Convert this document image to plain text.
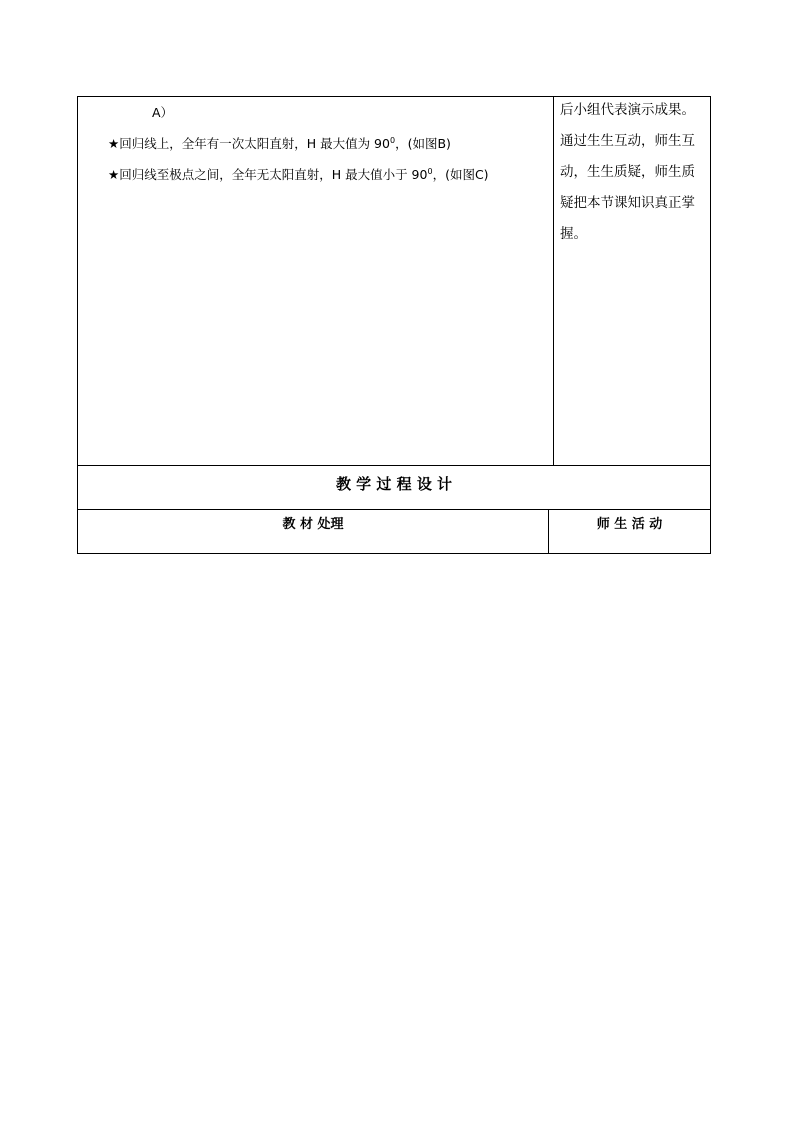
A）
★回归线上，全年有一次太阳直射，H 最大值为 $90^0$，(如图B)
★回归线至极点之间，全年无太阳直射，H 最大值小于 $90^0$，(如图C)
后小组代表演示成果。
通过生生互动，师生互
动，生生质疑，师生质
疑把本节课知识真正掌
握。
教 学 过 程 设 计
教 材 处理	师 生 活 动
